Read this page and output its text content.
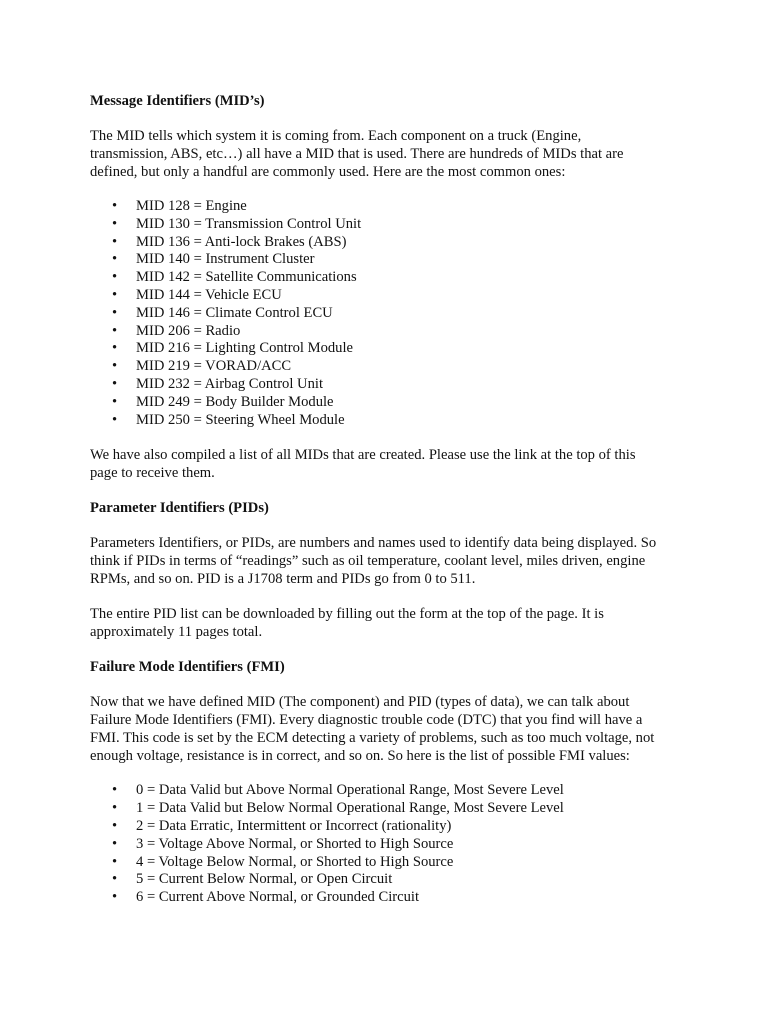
Message Identifiers (MID’s)

The MID tells which system it is coming from. Each component on a truck (Engine,

transmission, ABS, etc…) all have a MID that is used. There are hundreds of MIDs that are

defined, but only a handful are commonly used. Here are the most common ones:

• MID 128 = Engine
• MID 130 = Transmission Control Unit
• MID 136 = Anti-lock Brakes (ABS)
• MID 140 = Instrument Cluster
• MID 142 = Satellite Communications
• MID 144 = Vehicle ECU
• MID 146 = Climate Control ECU
• MID 206 = Radio
• MID 216 = Lighting Control Module
• MID 219 = VORAD/ACC
• MID 232 = Airbag Control Unit
• MID 249 = Body Builder Module
• MID 250 = Steering Wheel Module

We have also compiled a list of all MIDs that are created. Please use the link at the top of this

page to receive them.

Parameter Identifiers (PIDs)

Parameters Identifiers, or PIDs, are numbers and names used to identify data being displayed. So

think if PIDs in terms of “readings” such as oil temperature, coolant level, miles driven, engine

RPMs, and so on. PID is a J1708 term and PIDs go from 0 to 511.

The entire PID list can be downloaded by filling out the form at the top of the page. It is

approximately 11 pages total.

Failure Mode Identifiers (FMI)

Now that we have defined MID (The component) and PID (types of data), we can talk about

Failure Mode Identifiers (FMI). Every diagnostic trouble code (DTC) that you find will have a

FMI. This code is set by the ECM detecting a variety of problems, such as too much voltage, not

enough voltage, resistance is in correct, and so on. So here is the list of possible FMI values:

• 0 = Data Valid but Above Normal Operational Range, Most Severe Level
• 1 = Data Valid but Below Normal Operational Range, Most Severe Level
• 2 = Data Erratic, Intermittent or Incorrect (rationality)
• 3 = Voltage Above Normal, or Shorted to High Source
• 4 = Voltage Below Normal, or Shorted to High Source
• 5 = Current Below Normal, or Open Circuit
• 6 = Current Above Normal, or Grounded Circuit
